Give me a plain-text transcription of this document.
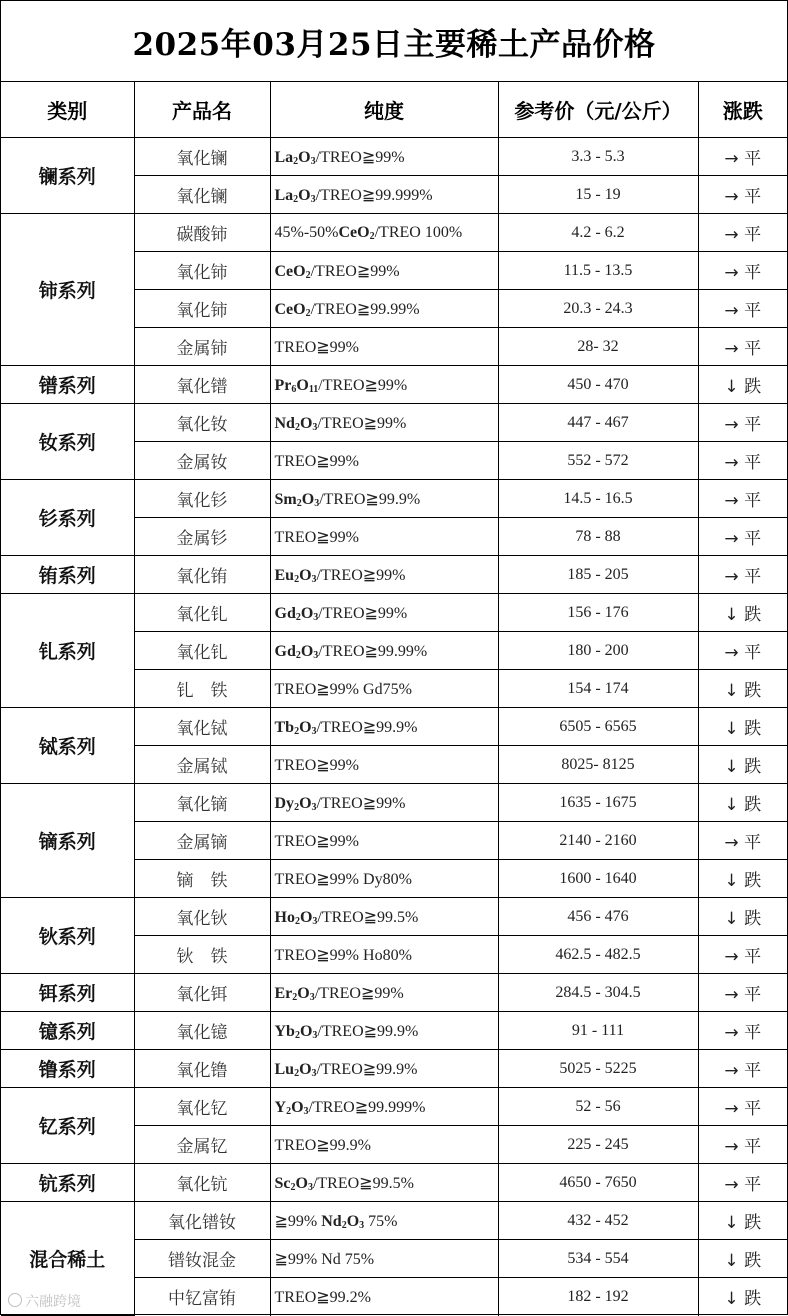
2025年03月25日主要稀土产品价格
类别	产品名	纯度	参考价（元/公斤）	涨跌
镧系列	氧化镧	$La_2O_3/TREO≧99\%$	3.3 - 5.3	→ 平
	氧化镧	$La_2O_3/TREO≧99.999\%$	15 - 19	→ 平
铈系列	碳酸铈	45%-50%CeO$_2$/TREO 100%	4.2 - 6.2	→ 平
	氧化铈	CeO$_2$/TREO≧99%	11.5 - 13.5	→ 平
	氧化铈	CeO$_2$/TREO≧99.99%	20.3 - 24.3	→ 平
	金属铈	TREO≧99%	28- 32	→ 平
镨系列	氧化镨	$Pr_6O_{11}/TREO≧99\%$	450 - 470	↓ 跌
钕系列	氧化钕	$Nd_2O_3/TREO≧99\%$	447 - 467	→ 平
	金属钕	TREO≧99%	552 - 572	→ 平
钐系列	氧化钐	$Sm_2O_3/TREO≧99.9\%$	14.5 - 16.5	→ 平
	金属钐	TREO≧99%	78 - 88	→ 平
铕系列	氧化铕	$Eu_2O_3/TREO≧99\%$	185 - 205	→ 平
钆系列	氧化钆	$Gd_2O_3/TREO≧99\%$	156 - 176	↓ 跌
	氧化钆	$Gd_2O_3/TREO≧99.99\%$	180 - 200	→ 平
	钆　铁	TREO≧99% Gd75%	154 - 174	↓ 跌
铽系列	氧化铽	$Tb_2O_3/TREO≧99.9\%$	6505 - 6565	↓ 跌
	金属铽	TREO≧99%	8025- 8125	↓ 跌
镝系列	氧化镝	$Dy_2O_3/TREO≧99\%$	1635 - 1675	↓ 跌
	金属镝	TREO≧99%	2140 - 2160	→ 平
	镝　铁	TREO≧99% Dy80%	1600 - 1640	↓ 跌
钬系列	氧化钬	$Ho_2O_3/TREO≧99.5\%$	456 - 476	↓ 跌
	钬　铁	TREO≧99% Ho80%	462.5 - 482.5	→ 平
铒系列	氧化铒	$Er_2O_3/TREO≧99\%$	284.5 - 304.5	→ 平
镱系列	氧化镱	$Yb_2O_3/TREO≧99.9\%$	91 - 111	→ 平
镥系列	氧化镥	$Lu_2O_3/TREO≧99.9\%$	5025 - 5225	→ 平
钇系列	氧化钇	$Y_2O_3/TREO≧99.999\%$	52 - 56	→ 平
	金属钇	TREO≧99.9%	225 - 245	→ 平
钪系列	氧化钪	$Sc_2O_3/TREO≧99.5\%$	4650 - 7650	→ 平
混合稀土	氧化镨钕	≧99% $Nd_2O_3$ 75%	432 - 452	↓ 跌
	镨钕混金	≧99% Nd 75%	534 - 554	↓ 跌
	中钇富铕	TREO≧99.2%	182 - 192	↓ 跌
六融跨境
